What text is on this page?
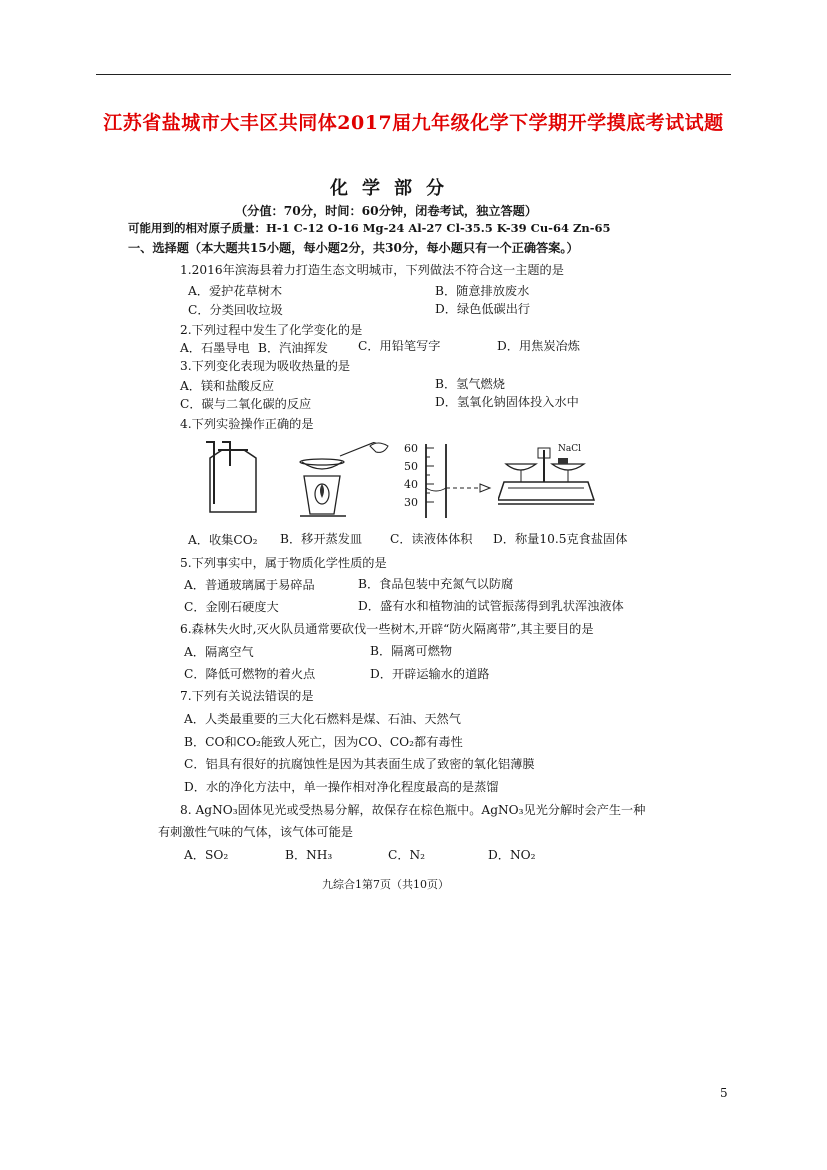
江苏省盐城市大丰区共同体2017届九年级化学下学期开学摸底考试试题
化学部分
（分值：70分，时间：60分钟，闭卷考试，独立答题）
可能用到的相对原子质量：H-1 C-12 O-16 Mg-24 Al-27 Cl-35.5 K-39 Cu-64 Zn-65
一、选择题（本大题共15小题，每小题2分，共30分，每小题只有一个正确答案。）
1.2016年滨海县着力打造生态文明城市，下列做法不符合这一主题的是
A．爱护花草树木	B．随意排放废水
C．分类回收垃圾	D．绿色低碳出行
2.下列过程中发生了化学变化的是
A．石墨导电 B．汽油挥发 C．用铅笔写字	D．用焦炭冶炼
3.下列变化表现为吸收热量的是
A．镁和盐酸反应	B．氢气燃烧
C．碳与二氧化碳的反应	D．氢氧化钠固体投入水中
4.下列实验操作正确的是
60
50
40
30
NaCl
A．收集CO₂ B．移开蒸发皿 C．读液体体积 D．称量10.5克食盐固体
5.下列事实中，属于物质化学性质的是
A．普通玻璃属于易碎品	B．食品包装中充氮气以防腐
C．金刚石硬度大	D．盛有水和植物油的试管振荡得到乳状浑浊液体
6.森林失火时,灭火队员通常要砍伐一些树木,开辟“防火隔离带”,其主要目的是
A．隔离空气	B．隔离可燃物
C．降低可燃物的着火点	D．开辟运输水的道路
7.下列有关说法错误的是
A．人类最重要的三大化石燃料是煤、石油、天然气
B．CO和CO₂能致人死亡，因为CO、CO₂都有毒性
C．铝具有很好的抗腐蚀性是因为其表面生成了致密的氧化铝薄膜
D．水的净化方法中，单一操作相对净化程度最高的是蒸馏
8. AgNO₃固体见光或受热易分解，故保存在棕色瓶中。AgNO₃见光分解时会产生一种
有刺激性气味的气体，该气体可能是
A．SO₂	B．NH₃	C．N₂	D．NO₂
九综合1第7页（共10页）
5
